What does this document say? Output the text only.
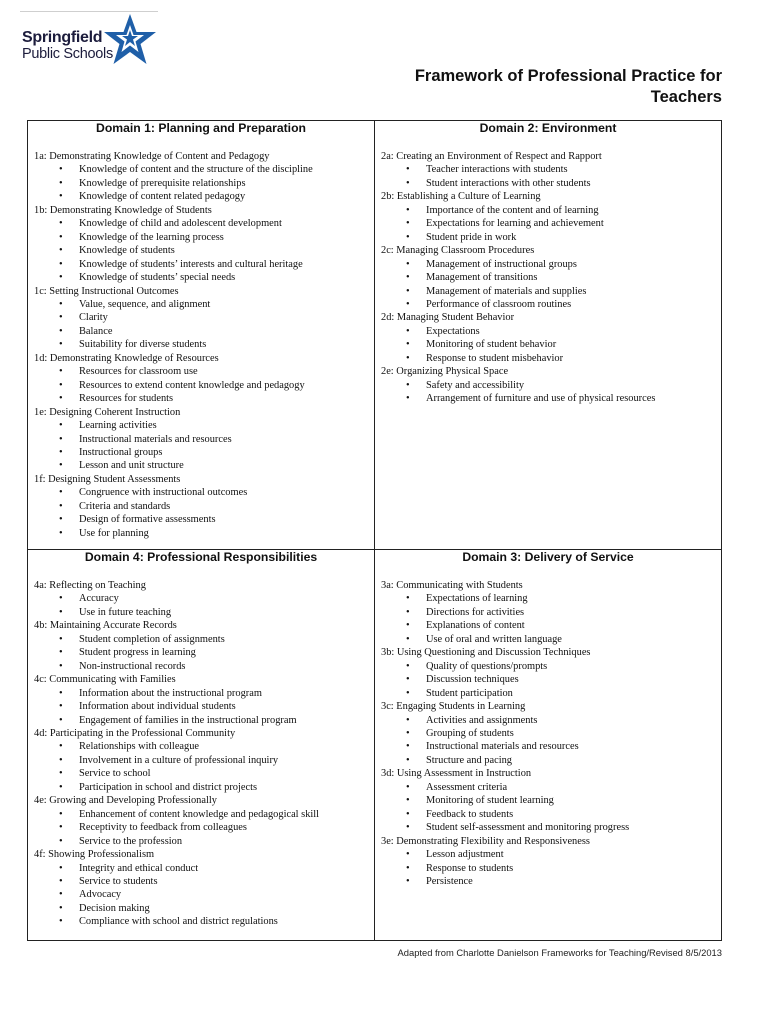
Springfield
Public Schools
Framework of Professional Practice for
Teachers
Domain 1: Planning and Preparation
1a: Demonstrating Knowledge of Content and Pedagogy
• Knowledge of content and the structure of the discipline
• Knowledge of prerequisite relationships
• Knowledge of content related pedagogy
1b: Demonstrating Knowledge of Students
• Knowledge of child and adolescent development
• Knowledge of the learning process
• Knowledge of students
• Knowledge of students’ interests and cultural heritage
• Knowledge of students’ special needs
1c: Setting Instructional Outcomes
• Value, sequence, and alignment
• Clarity
• Balance
• Suitability for diverse students
1d: Demonstrating Knowledge of Resources
• Resources for classroom use
• Resources to extend content knowledge and pedagogy
• Resources for students
1e: Designing Coherent Instruction
• Learning activities
• Instructional materials and resources
• Instructional groups
• Lesson and unit structure
1f: Designing Student Assessments
• Congruence with instructional outcomes
• Criteria and standards
• Design of formative assessments
• Use for planning
Domain 2: Environment
2a: Creating an Environment of Respect and Rapport
• Teacher interactions with students
• Student interactions with other students
2b: Establishing a Culture of Learning
• Importance of the content and of learning
• Expectations for learning and achievement
• Student pride in work
2c: Managing Classroom Procedures
• Management of instructional groups
• Management of transitions
• Management of materials and supplies
• Performance of classroom routines
2d: Managing Student Behavior
• Expectations
• Monitoring of student behavior
• Response to student misbehavior
2e: Organizing Physical Space
• Safety and accessibility
• Arrangement of furniture and use of physical resources
Domain 4: Professional Responsibilities
4a: Reflecting on Teaching
• Accuracy
• Use in future teaching
4b: Maintaining Accurate Records
• Student completion of assignments
• Student progress in learning
• Non-instructional records
4c: Communicating with Families
• Information about the instructional program
• Information about individual students
• Engagement of families in the instructional program
4d: Participating in the Professional Community
• Relationships with colleague
• Involvement in a culture of professional inquiry
• Service to school
• Participation in school and district projects
4e: Growing and Developing Professionally
• Enhancement of content knowledge and pedagogical skill
• Receptivity to feedback from colleagues
• Service to the profession
4f: Showing Professionalism
• Integrity and ethical conduct
• Service to students
• Advocacy
• Decision making
• Compliance with school and district regulations
Domain 3: Delivery of Service
3a: Communicating with Students
• Expectations of learning
• Directions for activities
• Explanations of content
• Use of oral and written language
3b: Using Questioning and Discussion Techniques
• Quality of questions/prompts
• Discussion techniques
• Student participation
3c: Engaging Students in Learning
• Activities and assignments
• Grouping of students
• Instructional materials and resources
• Structure and pacing
3d: Using Assessment in Instruction
• Assessment criteria
• Monitoring of student learning
• Feedback to students
• Student self-assessment and monitoring progress
3e: Demonstrating Flexibility and Responsiveness
• Lesson adjustment
• Response to students
• Persistence
Adapted from Charlotte Danielson Frameworks for Teaching/Revised 8/5/2013
